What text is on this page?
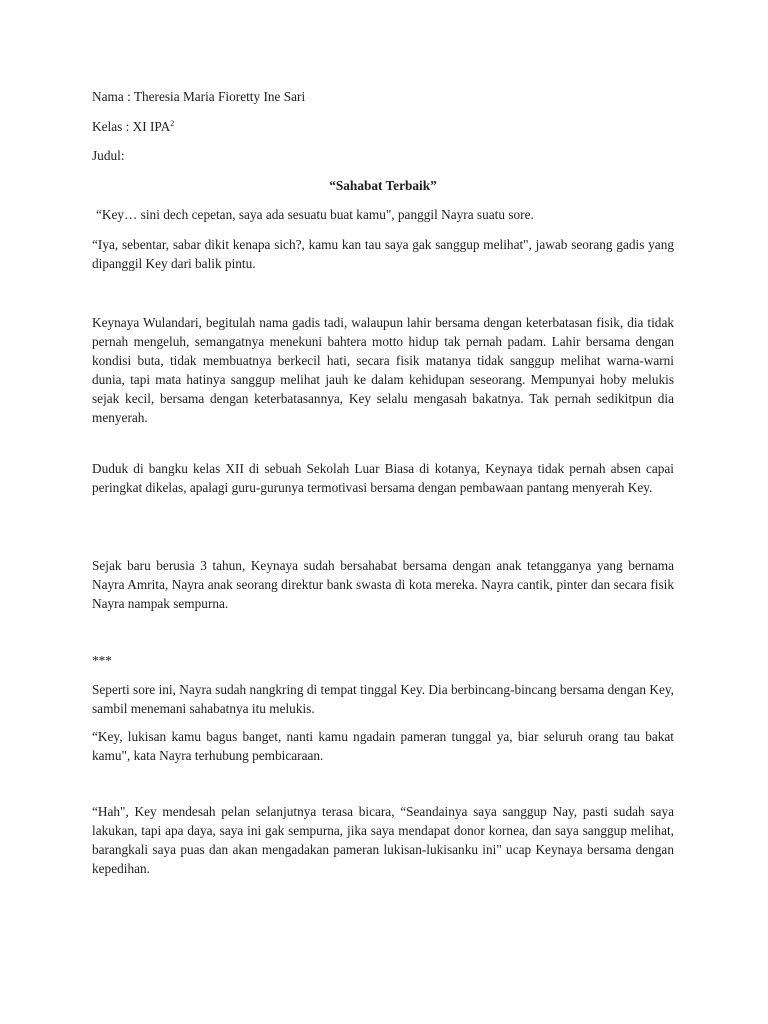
Nama : Theresia Maria Fioretty Ine Sari
Kelas : XI IPA$^2$
Judul:
“Sahabat Terbaik”
“Key… sini dech cepetan, saya ada sesuatu buat kamu", panggil Nayra suatu sore.
“Iya, sebentar, sabar dikit kenapa sich?, kamu kan tau saya gak sanggup melihat", jawab seorang gadis yang dipanggil Key dari balik pintu.
Keynaya Wulandari, begitulah nama gadis tadi, walaupun lahir bersama dengan keterbatasan fisik, dia tidak pernah mengeluh, semangatnya menekuni bahtera motto hidup tak pernah padam. Lahir bersama dengan kondisi buta, tidak membuatnya berkecil hati, secara fisik matanya tidak sanggup melihat warna-warni dunia, tapi mata hatinya sanggup melihat jauh ke dalam kehidupan seseorang. Mempunyai hoby melukis sejak kecil, bersama dengan keterbatasannya, Key selalu mengasah bakatnya. Tak pernah sedikitpun dia menyerah.
Duduk di bangku kelas XII di sebuah Sekolah Luar Biasa di kotanya, Keynaya tidak pernah absen capai peringkat dikelas, apalagi guru-gurunya termotivasi bersama dengan pembawaan pantang menyerah Key.
Sejak baru berusia 3 tahun, Keynaya sudah bersahabat bersama dengan anak tetangganya yang bernama Nayra Amrita, Nayra anak seorang direktur bank swasta di kota mereka. Nayra cantik, pinter dan secara fisik Nayra nampak sempurna.
***
Seperti sore ini, Nayra sudah nangkring di tempat tinggal Key. Dia berbincang-bincang bersama dengan Key, sambil menemani sahabatnya itu melukis.
“Key, lukisan kamu bagus banget, nanti kamu ngadain pameran tunggal ya, biar seluruh orang tau bakat kamu", kata Nayra terhubung pembicaraan.
“Hah", Key mendesah pelan selanjutnya terasa bicara, “Seandainya saya sanggup Nay, pasti sudah saya lakukan, tapi apa daya, saya ini gak sempurna, jika saya mendapat donor kornea, dan saya sanggup melihat, barangkali saya puas dan akan mengadakan pameran lukisan-lukisanku ini" ucap Keynaya bersama dengan kepedihan.
